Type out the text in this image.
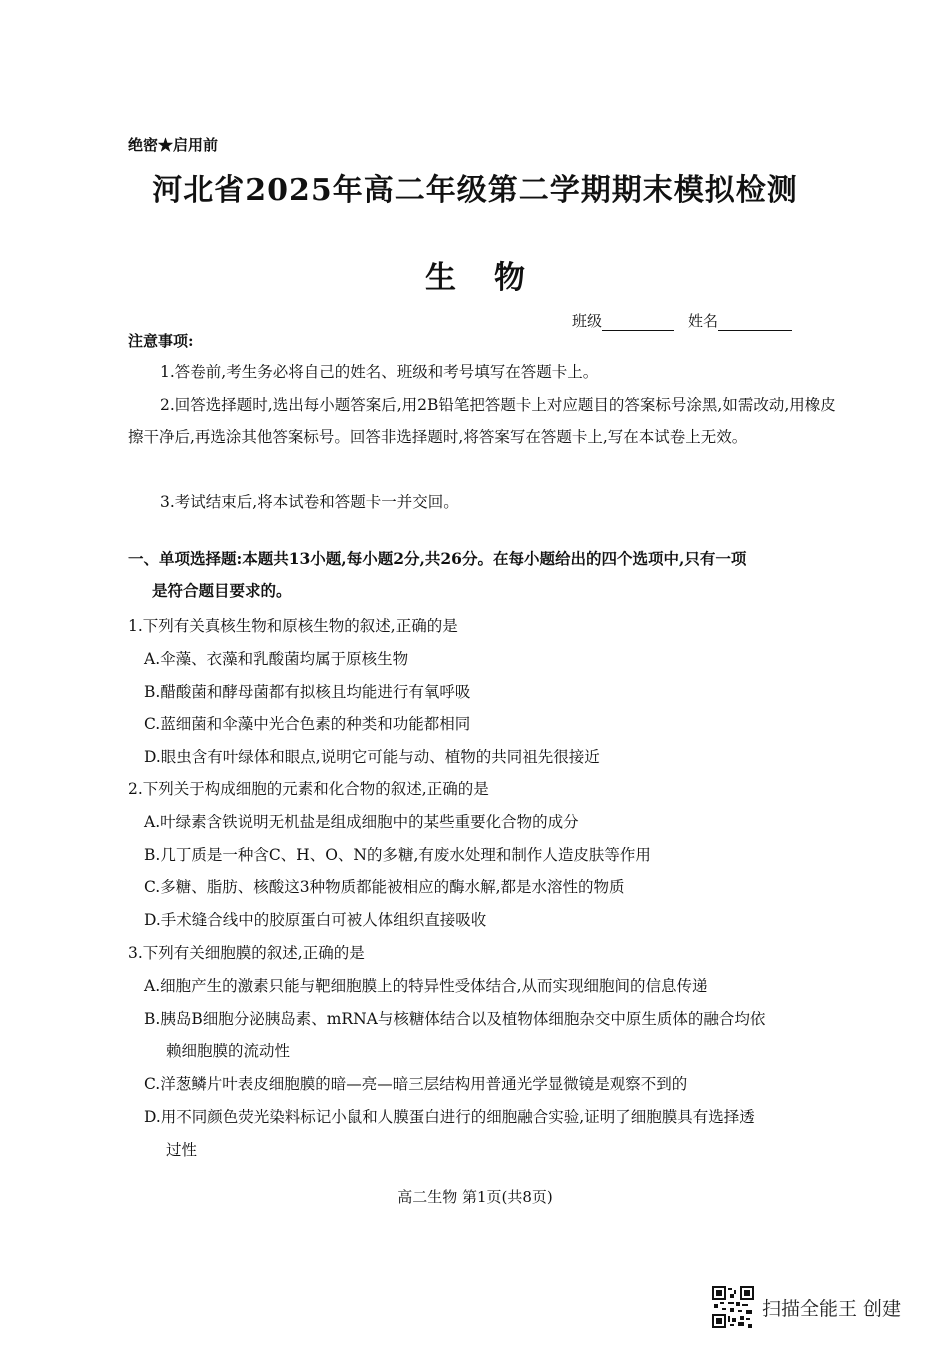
绝密★启用前
河北省2025年高二年级第二学期期末模拟检测
生物
班级	姓名
注意事项:
1.答卷前,考生务必将自己的姓名、班级和考号填写在答题卡上。
2.回答选择题时,选出每小题答案后,用2B铅笔把答题卡上对应题目的答案标号涂黑,如需改动,用橡皮擦干净后,再选涂其他答案标号。回答非选择题时,将答案写在答题卡上,写在本试卷上无效。
3.考试结束后,将本试卷和答题卡一并交回。
一、单项选择题:本题共13小题,每小题2分,共26分。在每小题给出的四个选项中,只有一项
是符合题目要求的。
1.下列有关真核生物和原核生物的叙述,正确的是
A.伞藻、衣藻和乳酸菌均属于原核生物
B.醋酸菌和酵母菌都有拟核且均能进行有氧呼吸
C.蓝细菌和伞藻中光合色素的种类和功能都相同
D.眼虫含有叶绿体和眼点,说明它可能与动、植物的共同祖先很接近
2.下列关于构成细胞的元素和化合物的叙述,正确的是
A.叶绿素含铁说明无机盐是组成细胞中的某些重要化合物的成分
B.几丁质是一种含C、H、O、N的多糖,有废水处理和制作人造皮肤等作用
C.多糖、脂肪、核酸这3种物质都能被相应的酶水解,都是水溶性的物质
D.手术缝合线中的胶原蛋白可被人体组织直接吸收
3.下列有关细胞膜的叙述,正确的是
A.细胞产生的激素只能与靶细胞膜上的特异性受体结合,从而实现细胞间的信息传递
B.胰岛B细胞分泌胰岛素、mRNA与核糖体结合以及植物体细胞杂交中原生质体的融合均依
赖细胞膜的流动性
C.洋葱鳞片叶表皮细胞膜的暗—亮—暗三层结构用普通光学显微镜是观察不到的
D.用不同颜色荧光染料标记小鼠和人膜蛋白进行的细胞融合实验,证明了细胞膜具有选择透
过性
高二生物 第1页(共8页)
扫描全能王 创建
